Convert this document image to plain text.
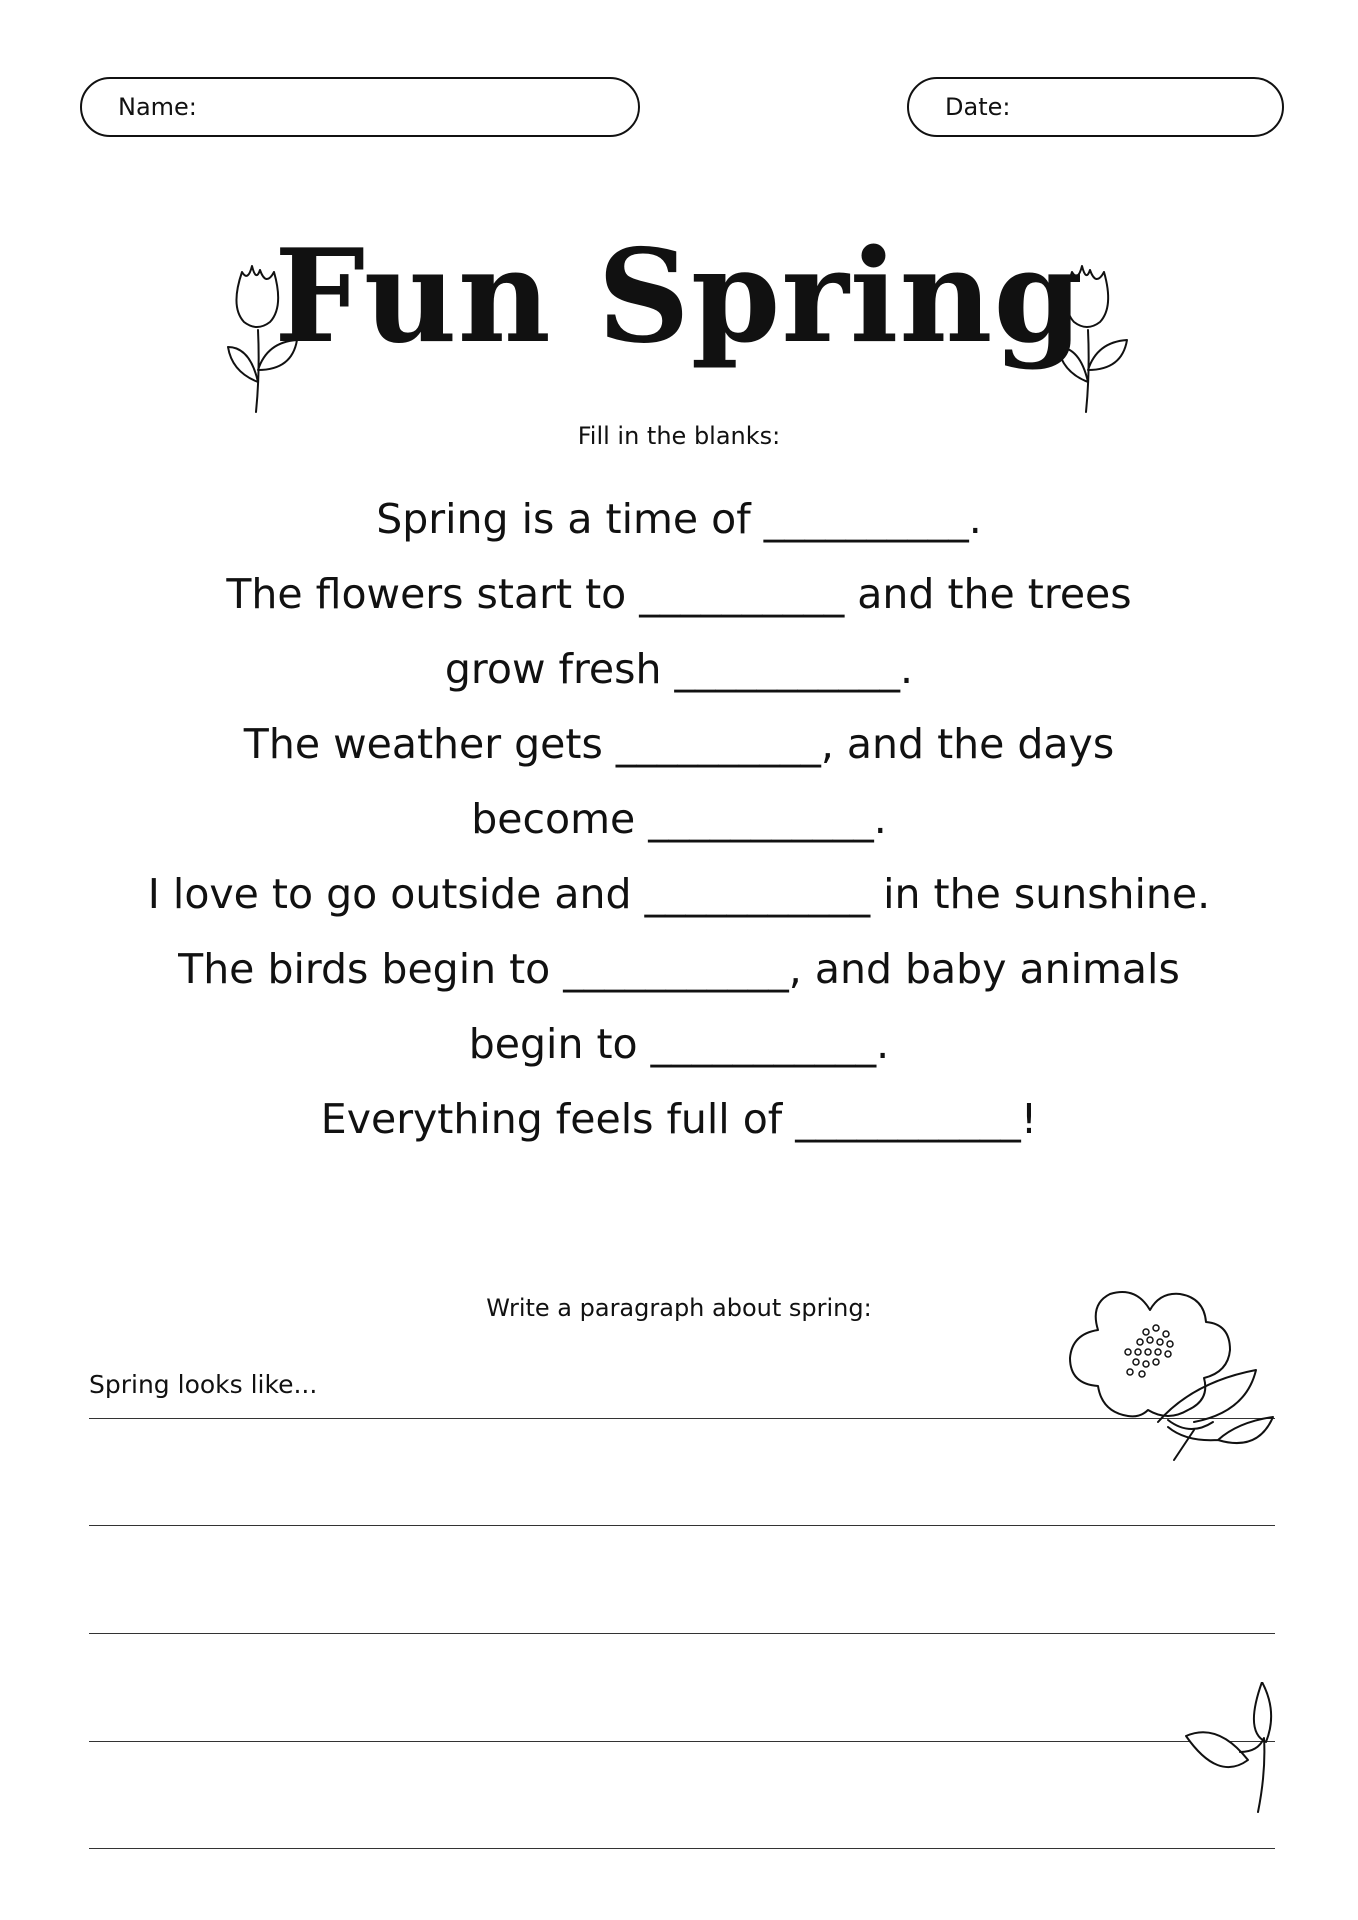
Name:	Date:
Fun Spring
Fill in the blanks:
Spring is a time of __________.
The flowers start to __________ and the trees
grow fresh ___________.
The weather gets __________, and the days
become ___________.
I love to go outside and ___________ in the sunshine.
The birds begin to ___________, and baby animals
begin to ___________.
Everything feels full of ___________!
Write a paragraph about spring:
Spring looks like...
